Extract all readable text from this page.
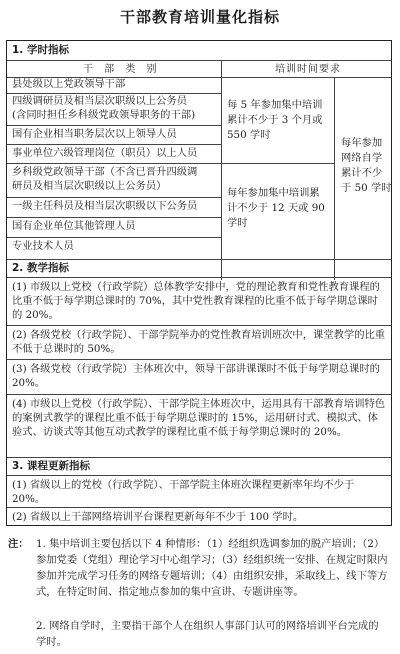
干部教育培训量化指标
1. 学时指标
干 部 类 别	培训时间要求
县处级以上党政领导干部
四级调研员及相当层次职级以上公务员
(含同时担任乡科级党政领导职务的干部)
国有企业相当职务层次以上领导人员
事业单位六级管理岗位（职员）以上人员
乡科级党政领导干部（不含已晋升四级调
研员及相当层次职级以上公务员）
一级主任科员及相当层次职级以下公务员
国有企业单位其他管理人员
专业技术人员
每 5 年参加集中培训
累计不少于 3 个月或
550 学时
每年参加集中培训累
计不少于 12 天或 90
学时
每年参加
网络自学
累计不少
于 50 学时
2. 教学指标
(1) 市级以上党校（行政学院）总体教学安排中，党的理论教育和党性教育课程的比重不低于每学期总课时的 70%，其中党性教育课程的比重不低于每学期总课时的 20%。
(2) 各级党校（行政学院）、干部学院举办的党性教育培训班次中，课堂教学的比重不低于总课时的 50%。
(3) 各级党校（行政学院）主体班次中，领导干部讲课课时不低于每学期总课时的 20%。
(4) 市级以上党校（行政学院）、干部学院主体班次中，运用具有干部教育培训特色的案例式教学的课程比重不低于每学期总课时的 15%，运用研讨式、模拟式、体验式、访谈式等其他互动式教学的课程比重不低于每学期总课时的 20%。
3. 课程更新指标
(1) 省级以上的党校（行政学院）、干部学院主体班次课程更新率年均不少于 20%。
(2) 省级以上干部网络培训平台课程更新每年不少于 100 学时。
注： 1. 集中培训主要包括以下 4 种情形：（1）经组织选调参加的脱产培训；（2）参加党委（党组）理论学习中心组学习；（3）经组织统一安排、在规定时限内参加并完成学习任务的网络专题培训；（4）由组织安排，采取线上、线下等方式，在特定时间、指定地点参加的集中宣讲、专题讲座等。
2. 网络自学时，主要指干部个人在组织人事部门认可的网络培训平台完成的学时。
